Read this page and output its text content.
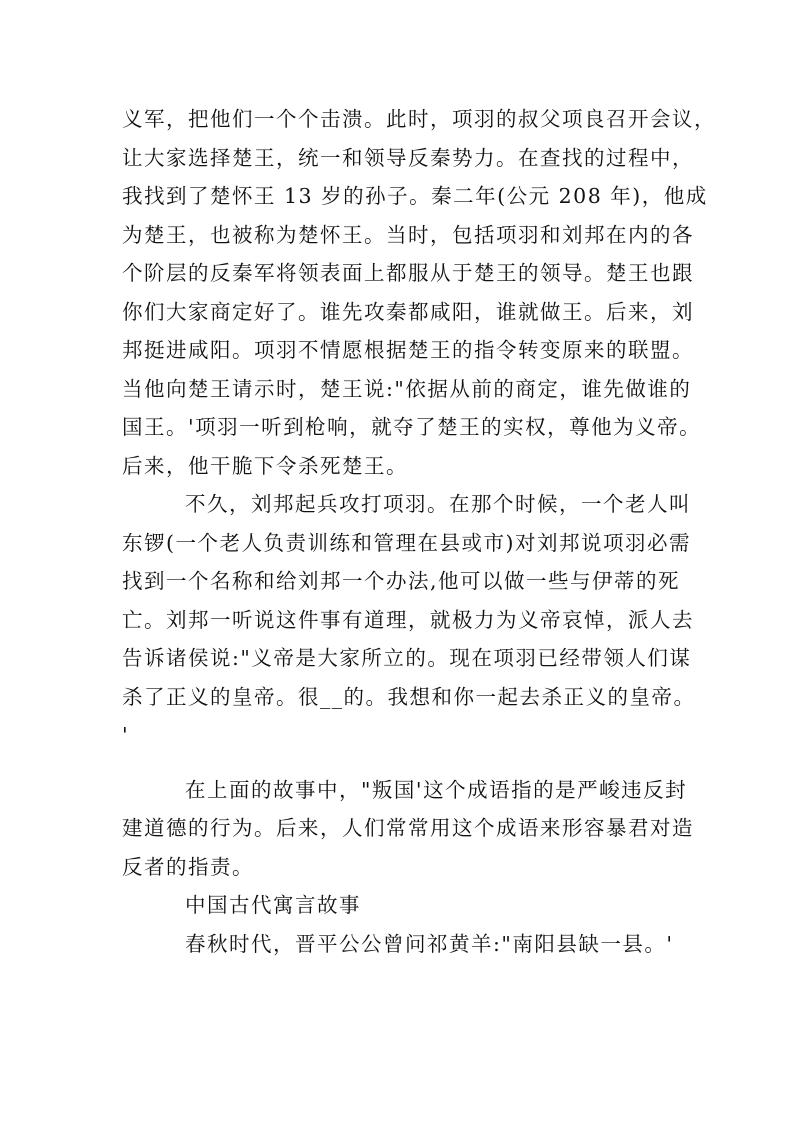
义军，把他们一个个击溃。此时，项羽的叔父项良召开会议，
让大家选择楚王，统一和领导反秦势力。在查找的过程中，
我找到了楚怀王 13 岁的孙子。秦二年(公元 208 年)，他成
为楚王，也被称为楚怀王。当时，包括项羽和刘邦在内的各
个阶层的反秦军将领表面上都服从于楚王的领导。楚王也跟
你们大家商定好了。谁先攻秦都咸阳，谁就做王。后来，刘
邦挺进咸阳。项羽不情愿根据楚王的指令转变原来的联盟。
当他向楚王请示时，楚王说:"依据从前的商定，谁先做谁的
国王。'项羽一听到枪响，就夺了楚王的实权，尊他为义帝。
后来，他干脆下令杀死楚王。
不久，刘邦起兵攻打项羽。在那个时候，一个老人叫
东锣(一个老人负责训练和管理在县或市)对刘邦说项羽必需
找到一个名称和给刘邦一个办法,他可以做一些与伊蒂的死
亡。刘邦一听说这件事有道理，就极力为义帝哀悼，派人去
告诉诸侯说:"义帝是大家所立的。现在项羽已经带领人们谋
杀了正义的皇帝。很__的。我想和你一起去杀正义的皇帝。
'
在上面的故事中，"叛国'这个成语指的是严峻违反封
建道德的行为。后来，人们常常用这个成语来形容暴君对造
反者的指责。
中国古代寓言故事
春秋时代，晋平公公曾问祁黄羊:"南阳县缺一县。'
